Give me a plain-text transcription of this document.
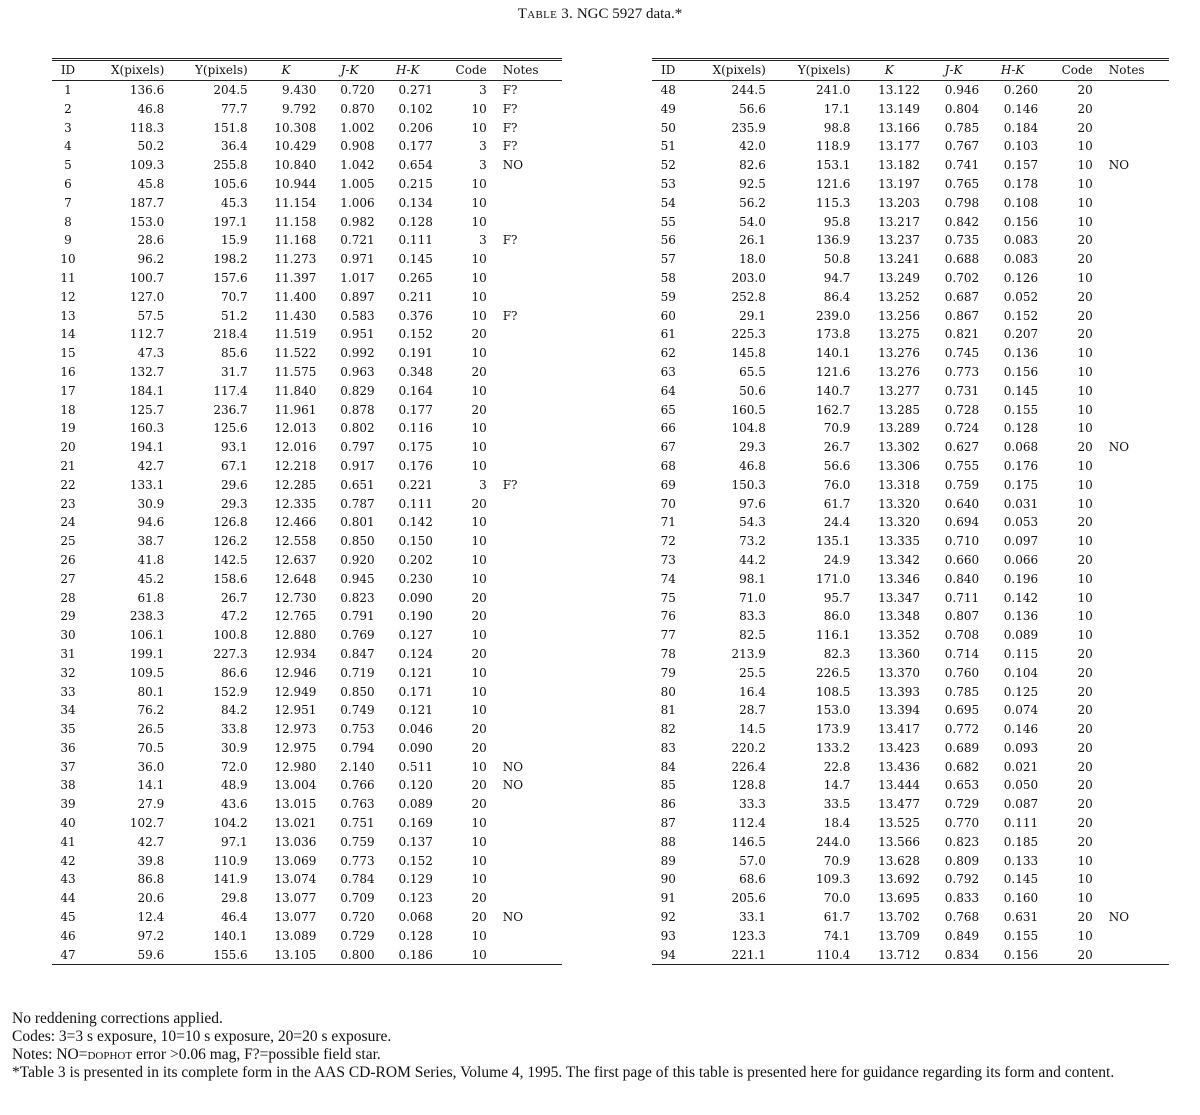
Table 3. NGC 5927 data.*
ID	X(pixels)	Y(pixels)	K	J-K	H-K	Code	Notes
1	136.6	204.5	9.430	0.720	0.271	3	F?
2	46.8	77.7	9.792	0.870	0.102	10	F?
3	118.3	151.8	10.308	1.002	0.206	10	F?
4	50.2	36.4	10.429	0.908	0.177	3	F?
5	109.3	255.8	10.840	1.042	0.654	3	NO
6	45.8	105.6	10.944	1.005	0.215	10	
7	187.7	45.3	11.154	1.006	0.134	10	
8	153.0	197.1	11.158	0.982	0.128	10	
9	28.6	15.9	11.168	0.721	0.111	3	F?
10	96.2	198.2	11.273	0.971	0.145	10	
11	100.7	157.6	11.397	1.017	0.265	10	
12	127.0	70.7	11.400	0.897	0.211	10	
13	57.5	51.2	11.430	0.583	0.376	10	F?
14	112.7	218.4	11.519	0.951	0.152	20	
15	47.3	85.6	11.522	0.992	0.191	10	
16	132.7	31.7	11.575	0.963	0.348	20	
17	184.1	117.4	11.840	0.829	0.164	10	
18	125.7	236.7	11.961	0.878	0.177	20	
19	160.3	125.6	12.013	0.802	0.116	10	
20	194.1	93.1	12.016	0.797	0.175	10	
21	42.7	67.1	12.218	0.917	0.176	10	
22	133.1	29.6	12.285	0.651	0.221	3	F?
23	30.9	29.3	12.335	0.787	0.111	20	
24	94.6	126.8	12.466	0.801	0.142	10	
25	38.7	126.2	12.558	0.850	0.150	10	
26	41.8	142.5	12.637	0.920	0.202	10	
27	45.2	158.6	12.648	0.945	0.230	10	
28	61.8	26.7	12.730	0.823	0.090	20	
29	238.3	47.2	12.765	0.791	0.190	20	
30	106.1	100.8	12.880	0.769	0.127	10	
31	199.1	227.3	12.934	0.847	0.124	20	
32	109.5	86.6	12.946	0.719	0.121	10	
33	80.1	152.9	12.949	0.850	0.171	10	
34	76.2	84.2	12.951	0.749	0.121	10	
35	26.5	33.8	12.973	0.753	0.046	20	
36	70.5	30.9	12.975	0.794	0.090	20	
37	36.0	72.0	12.980	2.140	0.511	10	NO
38	14.1	48.9	13.004	0.766	0.120	20	NO
39	27.9	43.6	13.015	0.763	0.089	20	
40	102.7	104.2	13.021	0.751	0.169	10	
41	42.7	97.1	13.036	0.759	0.137	10	
42	39.8	110.9	13.069	0.773	0.152	10	
43	86.8	141.9	13.074	0.784	0.129	10	
44	20.6	29.8	13.077	0.709	0.123	20	
45	12.4	46.4	13.077	0.720	0.068	20	NO
46	97.2	140.1	13.089	0.729	0.128	10	
47	59.6	155.6	13.105	0.800	0.186	10	
ID	X(pixels)	Y(pixels)	K	J-K	H-K	Code	Notes
48	244.5	241.0	13.122	0.946	0.260	20	
49	56.6	17.1	13.149	0.804	0.146	20	
50	235.9	98.8	13.166	0.785	0.184	20	
51	42.0	118.9	13.177	0.767	0.103	10	
52	82.6	153.1	13.182	0.741	0.157	10	NO
53	92.5	121.6	13.197	0.765	0.178	10	
54	56.2	115.3	13.203	0.798	0.108	10	
55	54.0	95.8	13.217	0.842	0.156	10	
56	26.1	136.9	13.237	0.735	0.083	20	
57	18.0	50.8	13.241	0.688	0.083	20	
58	203.0	94.7	13.249	0.702	0.126	10	
59	252.8	86.4	13.252	0.687	0.052	20	
60	29.1	239.0	13.256	0.867	0.152	20	
61	225.3	173.8	13.275	0.821	0.207	20	
62	145.8	140.1	13.276	0.745	0.136	10	
63	65.5	121.6	13.276	0.773	0.156	10	
64	50.6	140.7	13.277	0.731	0.145	10	
65	160.5	162.7	13.285	0.728	0.155	10	
66	104.8	70.9	13.289	0.724	0.128	10	
67	29.3	26.7	13.302	0.627	0.068	20	NO
68	46.8	56.6	13.306	0.755	0.176	10	
69	150.3	76.0	13.318	0.759	0.175	10	
70	97.6	61.7	13.320	0.640	0.031	10	
71	54.3	24.4	13.320	0.694	0.053	20	
72	73.2	135.1	13.335	0.710	0.097	10	
73	44.2	24.9	13.342	0.660	0.066	20	
74	98.1	171.0	13.346	0.840	0.196	10	
75	71.0	95.7	13.347	0.711	0.142	10	
76	83.3	86.0	13.348	0.807	0.136	10	
77	82.5	116.1	13.352	0.708	0.089	10	
78	213.9	82.3	13.360	0.714	0.115	20	
79	25.5	226.5	13.370	0.760	0.104	20	
80	16.4	108.5	13.393	0.785	0.125	20	
81	28.7	153.0	13.394	0.695	0.074	20	
82	14.5	173.9	13.417	0.772	0.146	20	
83	220.2	133.2	13.423	0.689	0.093	20	
84	226.4	22.8	13.436	0.682	0.021	20	
85	128.8	14.7	13.444	0.653	0.050	20	
86	33.3	33.5	13.477	0.729	0.087	20	
87	112.4	18.4	13.525	0.770	0.111	20	
88	146.5	244.0	13.566	0.823	0.185	20	
89	57.0	70.9	13.628	0.809	0.133	10	
90	68.6	109.3	13.692	0.792	0.145	10	
91	205.6	70.0	13.695	0.833	0.160	10	
92	33.1	61.7	13.702	0.768	0.631	20	NO
93	123.3	74.1	13.709	0.849	0.155	10	
94	221.1	110.4	13.712	0.834	0.156	20	

No reddening corrections applied.

Codes: 3=3 s exposure, 10=10 s exposure, 20=20 s exposure.

Notes: NO=dophot error >0.06 mag, F?=possible field star.

*Table 3 is presented in its complete form in the AAS CD-ROM Series, Volume 4, 1995. The first page of this table is presented here for guidance regarding its form and content.
